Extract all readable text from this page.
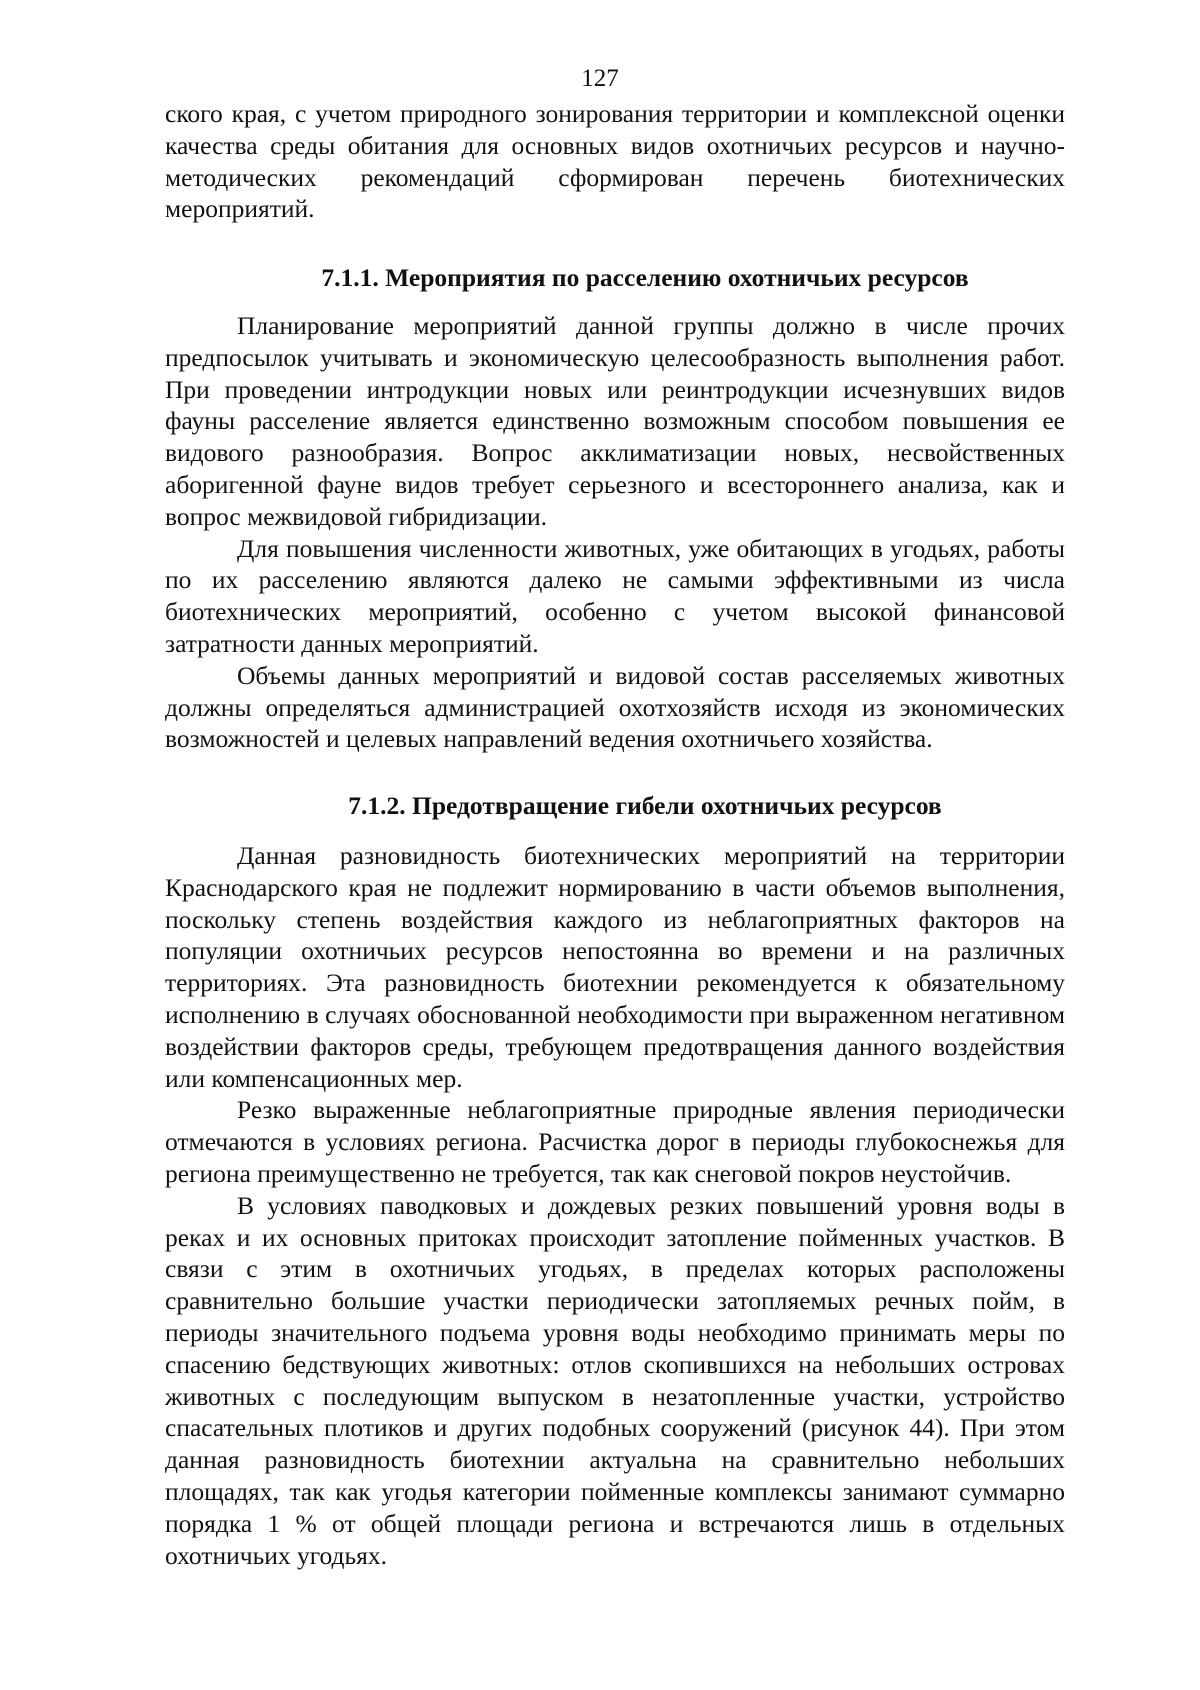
127

ского края, с учетом природного зонирования территории и комплексной оценки качества среды обитания для основных видов охотничьих ресурсов и научно-методических рекомендаций сформирован перечень биотехнических мероприятий.

7.1.1. Мероприятия по расселению охотничьих ресурсов

Планирование мероприятий данной группы должно в числе прочих предпосылок учитывать и экономическую целесообразность выполнения работ. При проведении интродукции новых или реинтродукции исчезнувших видов фауны расселение является единственно возможным способом повышения ее видового разнообразия. Вопрос акклиматизации новых, несвойственных аборигенной фауне видов требует серьезного и всестороннего анализа, как и вопрос межвидовой гибридизации.

Для повышения численности животных, уже обитающих в угодьях, работы по их расселению являются далеко не самыми эффективными из числа биотехнических мероприятий, особенно с учетом высокой финансовой затратности данных мероприятий.

Объемы данных мероприятий и видовой состав расселяемых животных должны определяться администрацией охотхозяйств исходя из экономических возможностей и целевых направлений ведения охотничьего хозяйства.

7.1.2. Предотвращение гибели охотничьих ресурсов

Данная разновидность биотехнических мероприятий на территории Краснодарского края не подлежит нормированию в части объемов выполнения, поскольку степень воздействия каждого из неблагоприятных факторов на популяции охотничьих ресурсов непостоянна во времени и на различных территориях. Эта разновидность биотехнии рекомендуется к обязательному исполнению в случаях обоснованной необходимости при выраженном негативном воздействии факторов среды, требующем предотвращения данного воздействия или компенсационных мер.

Резко выраженные неблагоприятные природные явления периодически отмечаются в условиях региона. Расчистка дорог в периоды глубокоснежья для региона преимущественно не требуется, так как снеговой покров неустойчив.

В условиях паводковых и дождевых резких повышений уровня воды в реках и их основных притоках происходит затопление пойменных участков. В связи с этим в охотничьих угодьях, в пределах которых расположены сравнительно большие участки периодически затопляемых речных пойм, в периоды значительного подъема уровня воды необходимо принимать меры по спасению бедствующих животных: отлов скопившихся на небольших островах животных с последующим выпуском в незатопленные участки, устройство спасательных плотиков и других подобных сооружений (рисунок 44). При этом данная разновидность биотехнии актуальна на сравнительно небольших площадях, так как угодья категории пойменные комплексы занимают суммарно порядка 1 % от общей площади региона и встречаются лишь в отдельных охотничьих угодьях.
